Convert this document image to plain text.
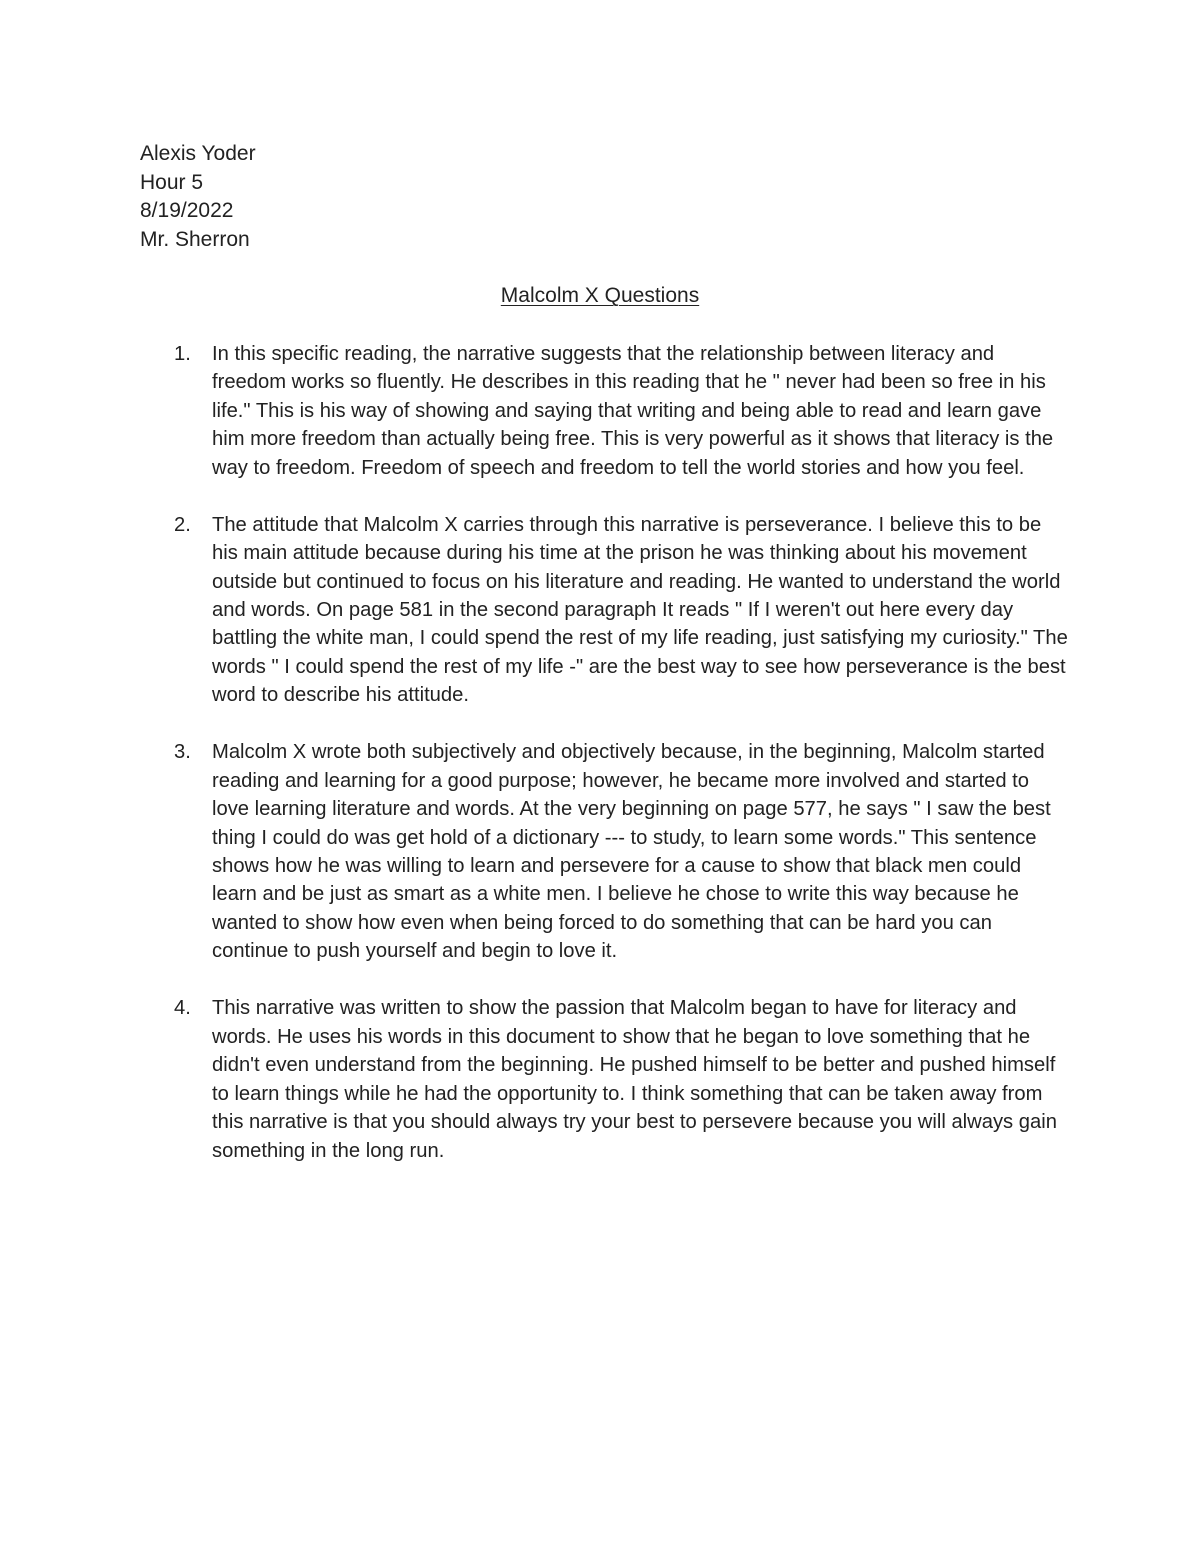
Alexis Yoder
Hour 5
8/19/2022
Mr. Sherron
Malcolm X Questions
1.	In this specific reading, the narrative suggests that the relationship between literacy and freedom works so fluently. He describes in this reading that he " never had been so free in his life." This is his way of showing and saying that writing and being able to read and learn gave him more freedom than actually being free. This is very powerful as it shows that literacy is the way to freedom. Freedom of speech and freedom to tell the world stories and how you feel.
2.	The attitude that Malcolm X carries through this narrative is perseverance. I believe this to be his main attitude because during his time at the prison he was thinking about his movement outside but continued to focus on his literature and reading. He wanted to understand the world and words. On page 581 in the second paragraph It reads " If I weren't out here every day battling the white man, I could spend the rest of my life reading, just satisfying my curiosity." The words " I could spend the rest of my life -" are the best way to see how perseverance is the best word to describe his attitude.
3.	Malcolm X wrote both subjectively and objectively because, in the beginning, Malcolm started reading and learning for a good purpose; however, he became more involved and started to love learning literature and words. At the very beginning on page 577, he says " I saw the best thing I could do was get hold of a dictionary --- to study, to learn some words." This sentence shows how he was willing to learn and persevere for a cause to show that black men could learn and be just as smart as a white men. I believe he chose to write this way because he wanted to show how even when being forced to do something that can be hard you can continue to push yourself and begin to love it.
4.	This narrative was written to show the passion that Malcolm began to have for literacy and words. He uses his words in this document to show that he began to love something that he didn't even understand from the beginning. He pushed himself to be better and pushed himself to learn things while he had the opportunity to. I think something that can be taken away from this narrative is that you should always try your best to persevere because you will always gain something in the long run.
